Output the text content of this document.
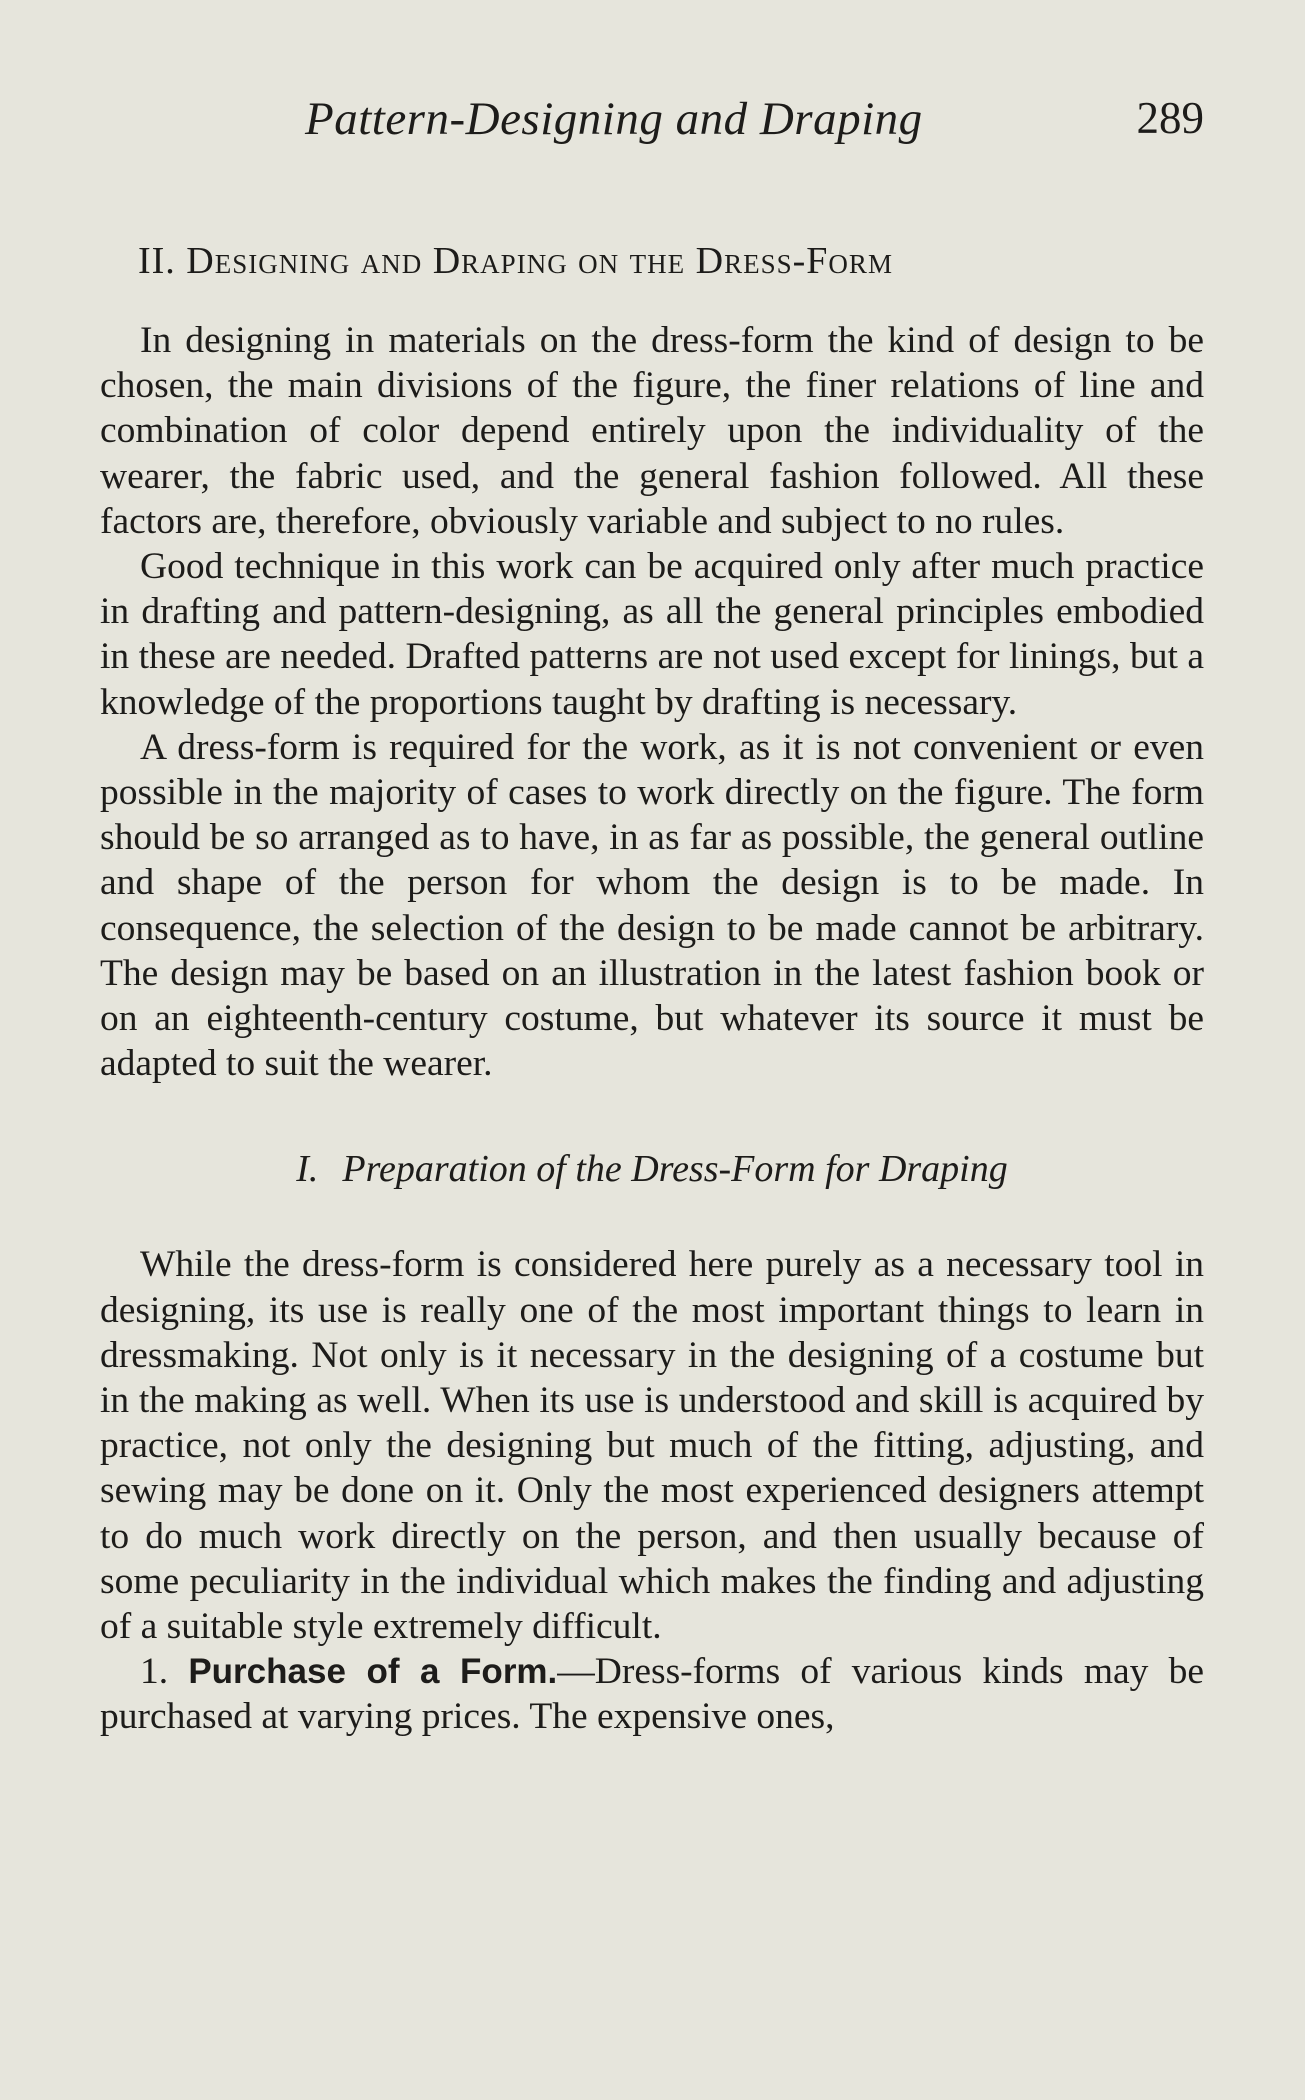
Pattern-Designing and Draping	289
II. Designing and Draping on the Dress-Form

In designing in materials on the dress-form the kind of design to be chosen, the main divisions of the figure, the finer relations of line and combination of color depend entirely upon the individuality of the wearer, the fabric used, and the general fashion followed. All these factors are, therefore, obviously variable and subject to no rules.

Good technique in this work can be acquired only after much practice in drafting and pattern-designing, as all the general principles embodied in these are needed. Drafted patterns are not used except for linings, but a knowledge of the proportions taught by drafting is necessary.

A dress-form is required for the work, as it is not convenient or even possible in the majority of cases to work directly on the figure. The form should be so arranged as to have, in as far as possible, the general outline and shape of the person for whom the design is to be made. In consequence, the selection of the design to be made cannot be arbitrary. The design may be based on an illustration in the latest fashion book or on an eighteenth-century costume, but whatever its source it must be adapted to suit the wearer.

I. Preparation of the Dress-Form for Draping

While the dress-form is considered here purely as a necessary tool in designing, its use is really one of the most important things to learn in dressmaking. Not only is it necessary in the designing of a costume but in the making as well. When its use is understood and skill is acquired by practice, not only the designing but much of the fitting, adjusting, and sewing may be done on it. Only the most experienced designers attempt to do much work directly on the person, and then usually because of some peculiarity in the individual which makes the finding and adjusting of a suitable style extremely difficult.

1. Purchase of a Form.—Dress-forms of various kinds may be purchased at varying prices. The expensive ones,
